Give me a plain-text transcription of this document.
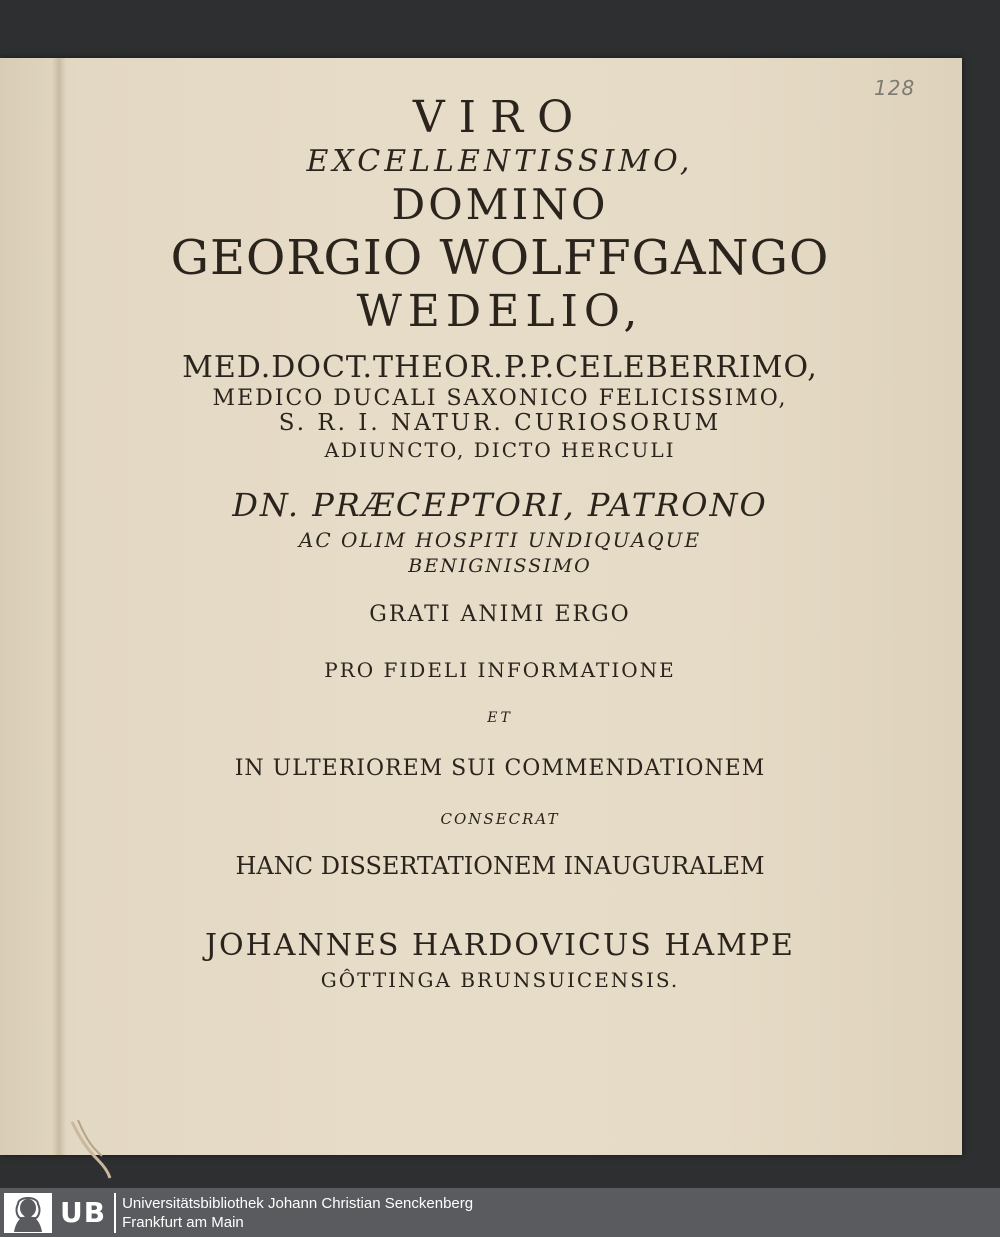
128
VIRO
EXCELLENTISSIMO,
DOMINO
GEORGIO WOLFFGANGO
WEDELIO,
MED.DOCT.THEOR.P.P.CELEBERRIMO,
MEDICO DUCALI SAXONICO FELICISSIMO,
S. R. I. NATUR. CURIOSORUM
ADIUNCTO, DICTO HERCULI
DN. PRÆCEPTORI, PATRONO
AC OLIM HOSPITI UNDIQUAQUE
BENIGNISSIMO
GRATI ANIMI ERGO
PRO FIDELI INFORMATIONE
ET
IN ULTERIOREM SUI COMMENDATIONEM
CONSECRAT
HANC DISSERTATIONEM INAUGURALEM
JOHANNES HARDOVICUS HAMPE
GÔTTINGA BRUNSUICENSIS.
UB Universitätsbibliothek Johann Christian Senckenberg
Frankfurt am Main
